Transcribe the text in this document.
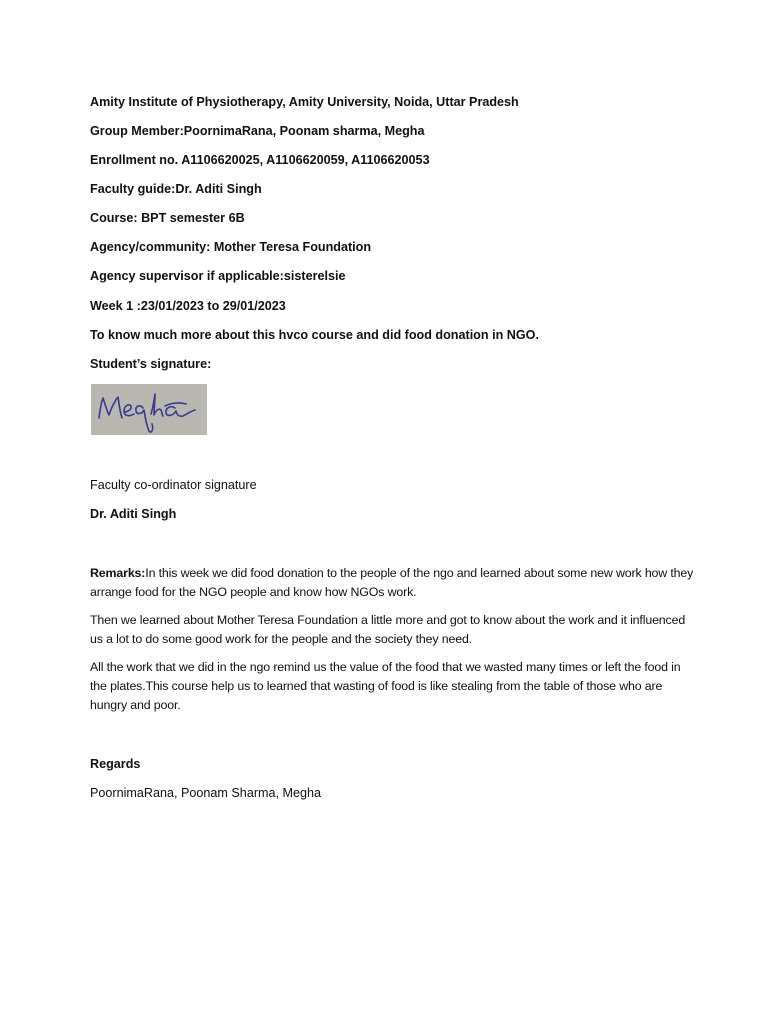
Amity Institute of Physiotherapy, Amity University, Noida, Uttar Pradesh

Group Member:PoornimaRana, Poonam sharma, Megha

Enrollment no. A1106620025, A1106620059, A1106620053

Faculty guide:Dr. Aditi Singh

Course: BPT semester 6B

Agency/community: Mother Teresa Foundation

Agency supervisor if applicable:sisterelsie

Week 1 :23/01/2023 to 29/01/2023

To know much more about this hvco course and did food donation in NGO.

Student’s signature:

Faculty co-ordinator signature

Dr. Aditi Singh

Remarks:In this week we did food donation to the people of the ngo and learned about some new work how they arrange food for the NGO people and know how NGOs work.

Then we learned about Mother Teresa Foundation a little more and got to know about the work and it influenced us a lot to do some good work for the people and the society they need.

All the work that we did in the ngo remind us the value of the food that we wasted many times or left the food in the plates.This course help us to learned that wasting of food is like stealing from the table of those who are hungry and poor.

Regards

PoornimaRana, Poonam Sharma, Megha
